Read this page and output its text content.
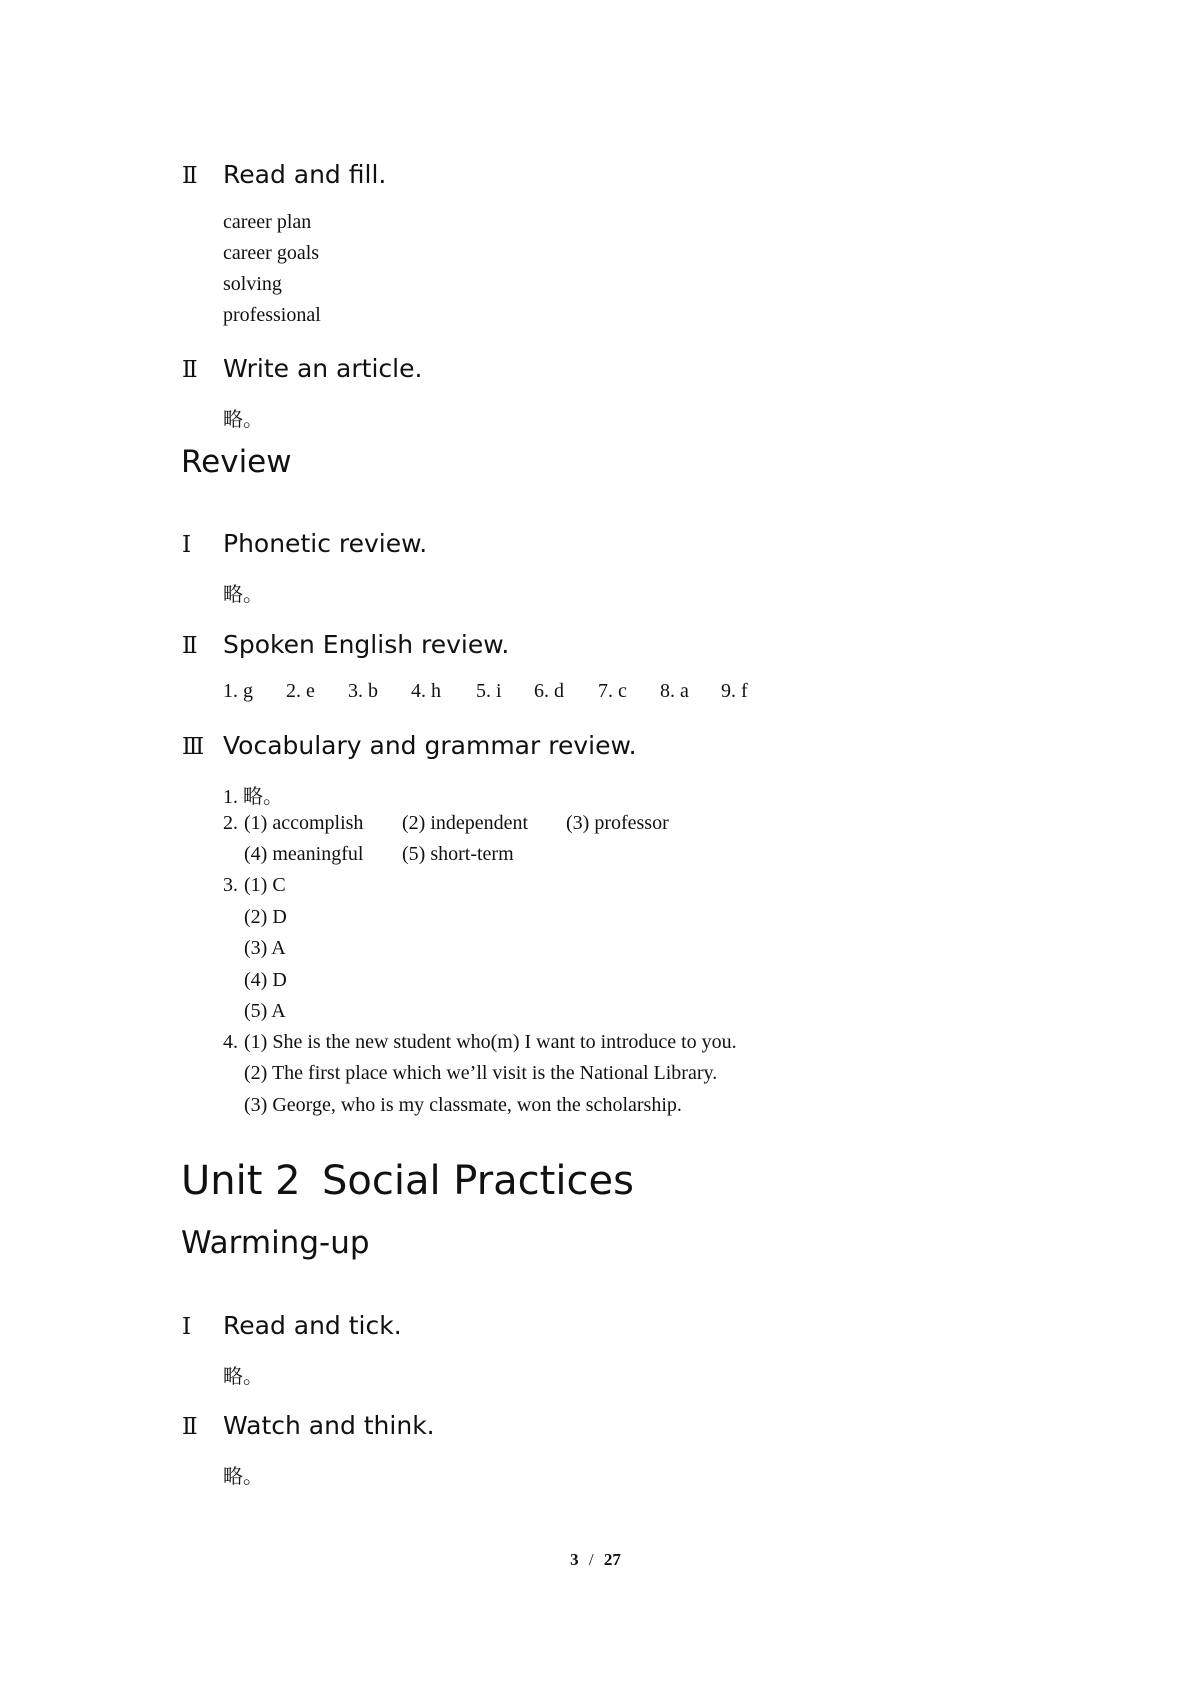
Ⅱ Read and fill.
career plan
career goals
solving
professional
Ⅱ Write an article.
略。
Review
Ⅰ Phonetic review.
略。
Ⅱ Spoken English review.
1. g 2. e 3. b 4. h 5. i 6. d 7. c 8. a 9. f
Ⅲ Vocabulary and grammar review.
1. 略。
2. (1) accomplish (2) independent (3) professor
(4) meaningful (5) short-term
3. (1) C
(2) D
(3) A
(4) D
(5) A
4. (1) She is the new student who(m) I want to introduce to you.
(2) The first place which we’ll visit is the National Library.
(3) George, who is my classmate, won the scholarship.
Unit 2 Social Practices
Warming-up
Ⅰ Read and tick.
略。
Ⅱ Watch and think.
略。
3 / 27
